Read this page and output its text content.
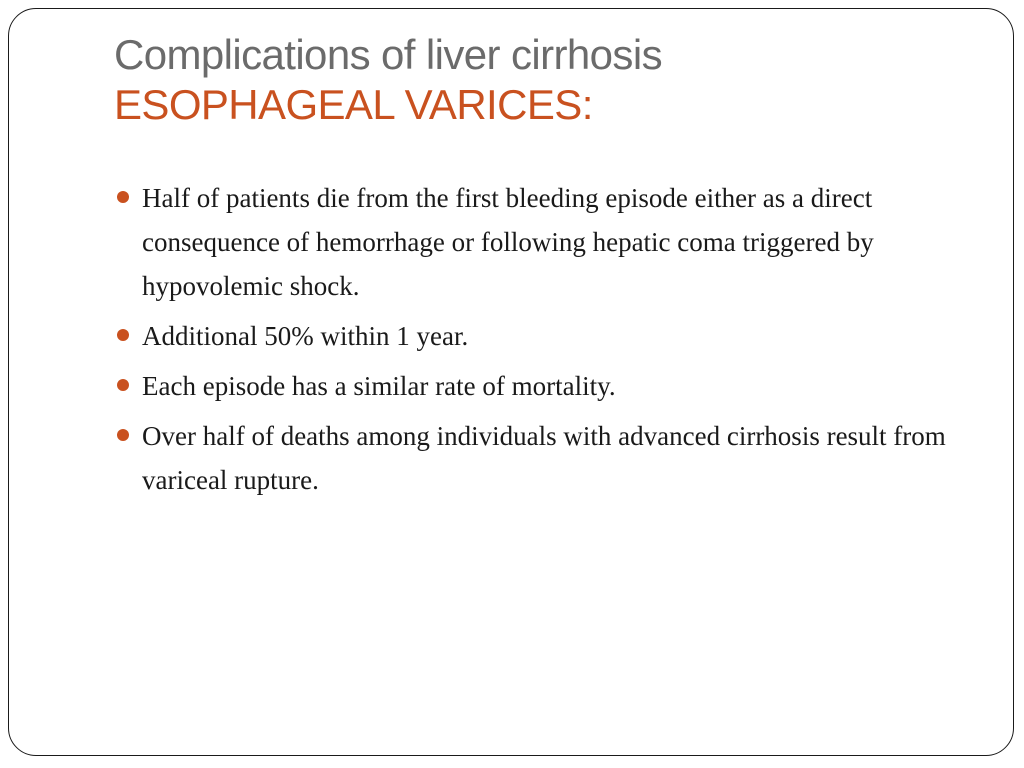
Complications of liver cirrhosis
ESOPHAGEAL VARICES:
Half of patients die from the first bleeding episode either as a direct consequence of hemorrhage or following hepatic coma triggered by hypovolemic shock.
Additional 50% within 1 year.
Each episode has a similar rate of mortality.
Over half of deaths among individuals with advanced cirrhosis result from variceal rupture.
